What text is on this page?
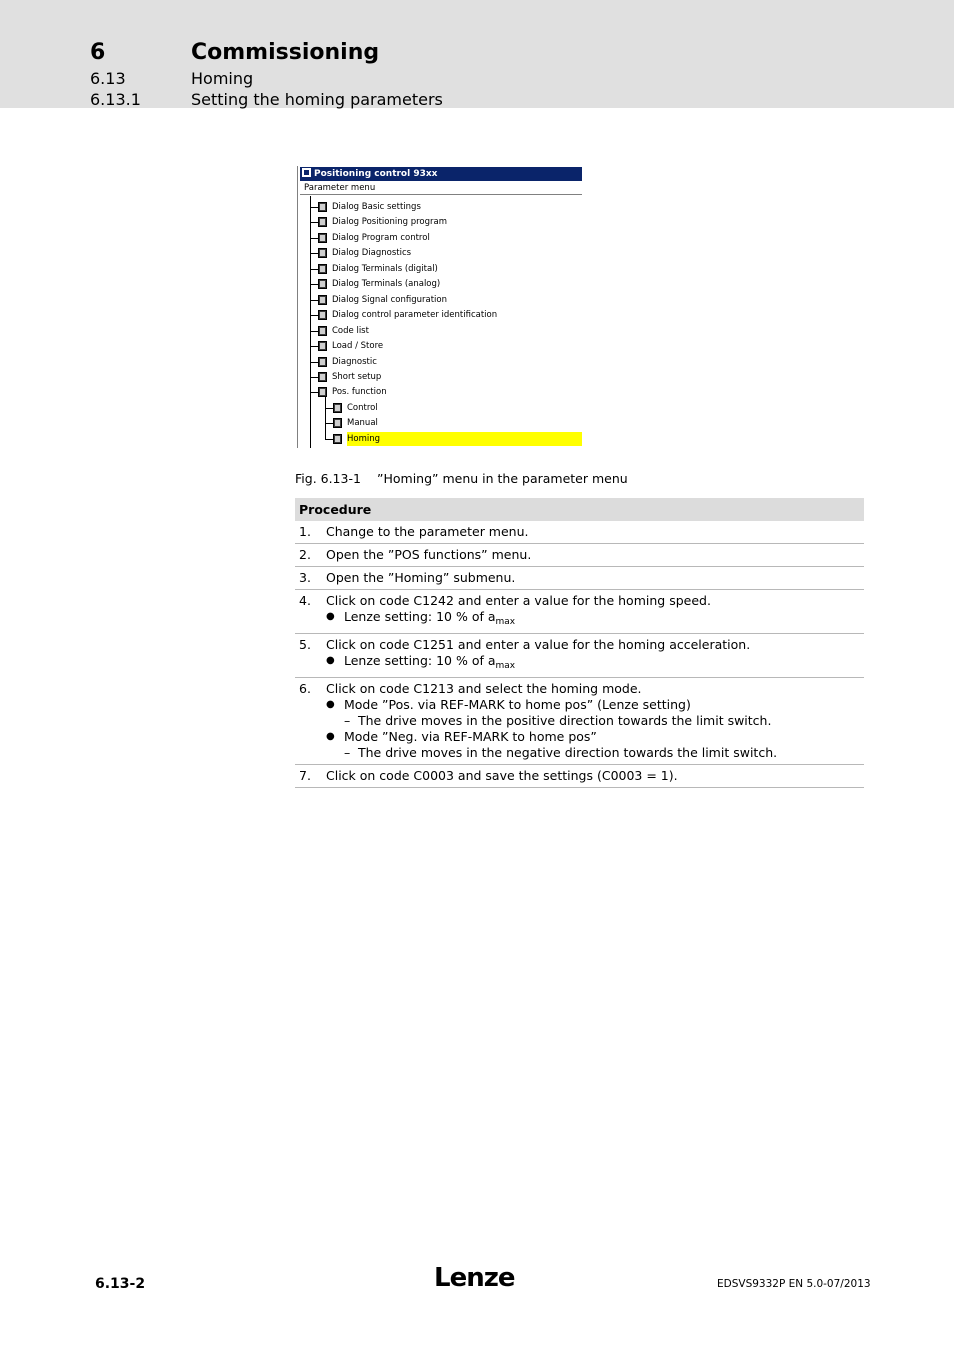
6	Commissioning
6.13	Homing
6.13.1	Setting the homing parameters
Positioning control 93xx
Parameter menu
Dialog Basic settings
Dialog Positioning program
Dialog Program control
Dialog Diagnostics
Dialog Terminals (digital)
Dialog Terminals (analog)
Dialog Signal configuration
Dialog control parameter identification
Code list
Load / Store
Diagnostic
Short setup
Pos. function
Control
Manual
Homing
Fig. 6.13-1 ”Homing” menu in the parameter menu
Procedure
1. Change to the parameter menu.
2. Open the ”POS functions” menu.
3. Open the ”Homing” submenu.
4. Click on code C1242 and enter a value for the homing speed.
● Lenze setting: 10 % of $a_{max}$
5. Click on code C1251 and enter a value for the homing acceleration.
● Lenze setting: 10 % of $a_{max}$
6. Click on code C1213 and select the homing mode.
● Mode ”Pos. via REF-MARK to home pos” (Lenze setting)
– The drive moves in the positive direction towards the limit switch.
● Mode ”Neg. via REF-MARK to home pos”
– The drive moves in the negative direction towards the limit switch.
7. Click on code C0003 and save the settings (C0003 = 1).
6.13-2	Lenze	EDSVS9332P EN 5.0-07/2013
